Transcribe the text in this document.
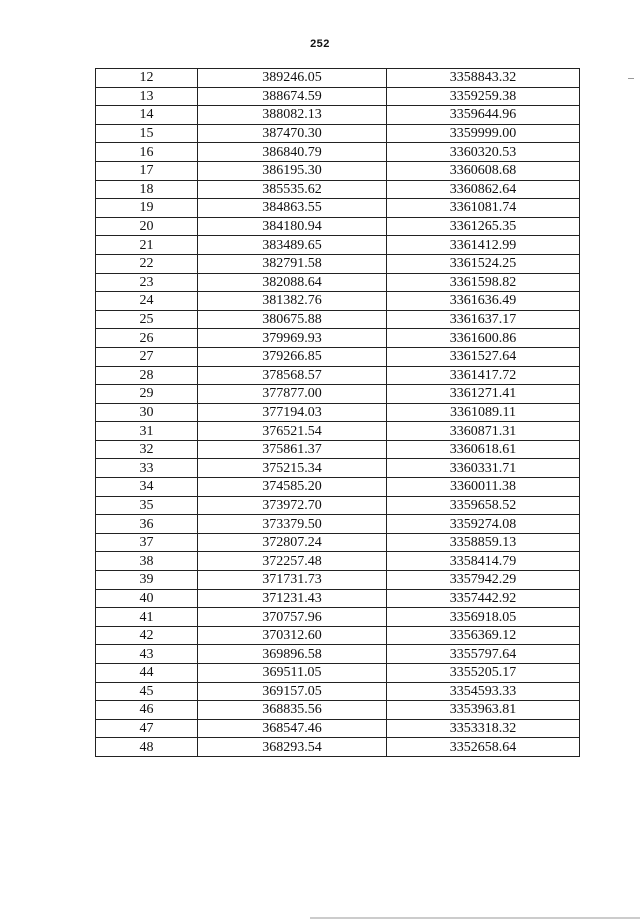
252
12	389246.05	3358843.32
13	388674.59	3359259.38
14	388082.13	3359644.96
15	387470.30	3359999.00
16	386840.79	3360320.53
17	386195.30	3360608.68
18	385535.62	3360862.64
19	384863.55	3361081.74
20	384180.94	3361265.35
21	383489.65	3361412.99
22	382791.58	3361524.25
23	382088.64	3361598.82
24	381382.76	3361636.49
25	380675.88	3361637.17
26	379969.93	3361600.86
27	379266.85	3361527.64
28	378568.57	3361417.72
29	377877.00	3361271.41
30	377194.03	3361089.11
31	376521.54	3360871.31
32	375861.37	3360618.61
33	375215.34	3360331.71
34	374585.20	3360011.38
35	373972.70	3359658.52
36	373379.50	3359274.08
37	372807.24	3358859.13
38	372257.48	3358414.79
39	371731.73	3357942.29
40	371231.43	3357442.92
41	370757.96	3356918.05
42	370312.60	3356369.12
43	369896.58	3355797.64
44	369511.05	3355205.17
45	369157.05	3354593.33
46	368835.56	3353963.81
47	368547.46	3353318.32
48	368293.54	3352658.64
